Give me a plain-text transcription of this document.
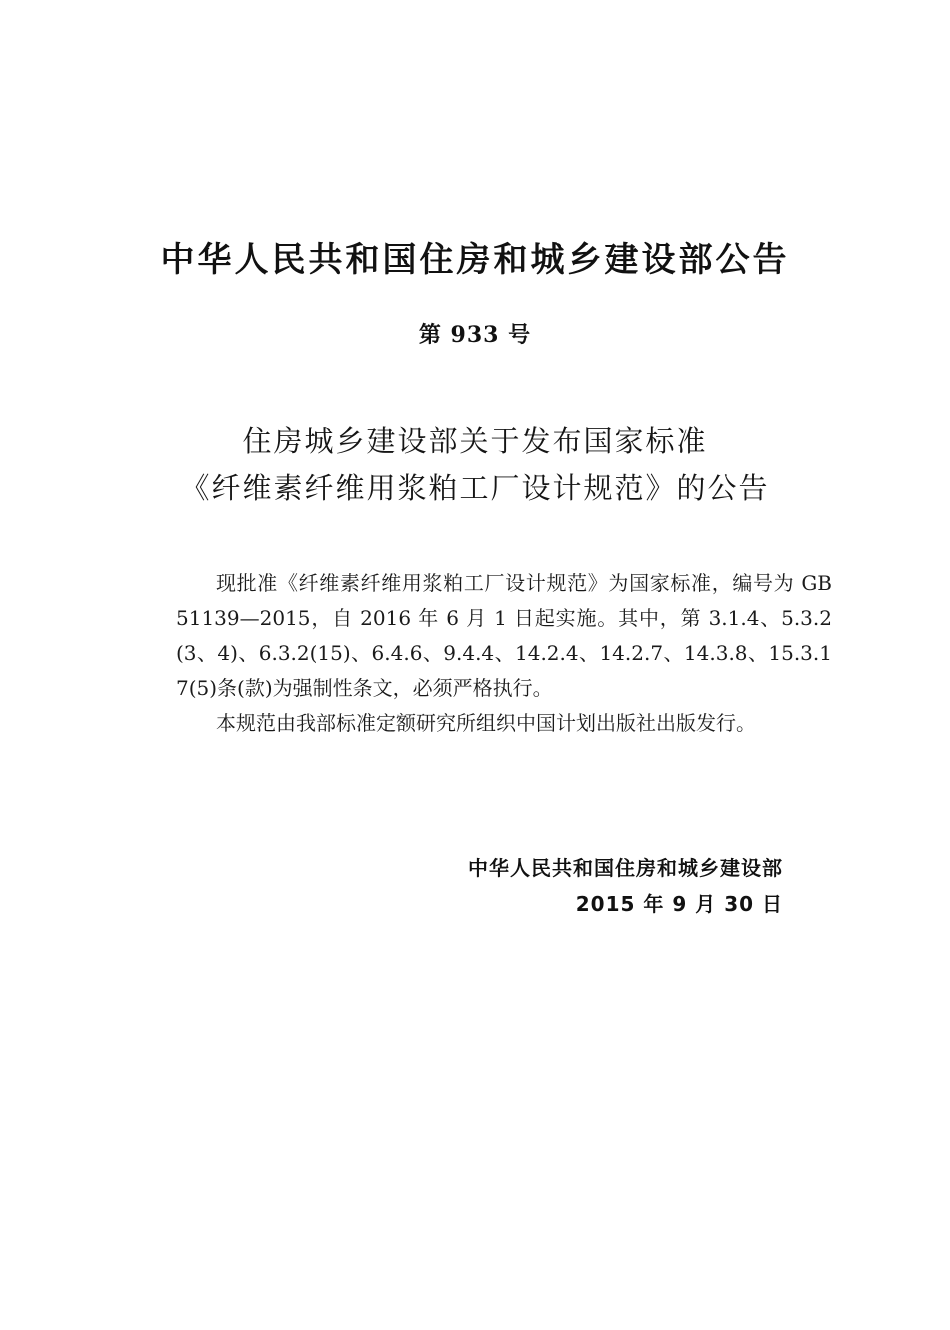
中华人民共和国住房和城乡建设部公告
第 933 号
住房城乡建设部关于发布国家标准
《纤维素纤维用浆粕工厂设计规范》的公告

现批准《纤维素纤维用浆粕工厂设计规范》为国家标准，编号为 GB 51139—2015，自 2016 年 6 月 1 日起实施。其中，第 3.1.4、5.3.2(3、4)、6.3.2(15)、6.4.6、9.4.4、14.2.4、14.2.7、14.3.8、15.3.17(5)条(款)为强制性条文，必须严格执行。

本规范由我部标准定额研究所组织中国计划出版社出版发行。

中华人民共和国住房和城乡建设部
2015 年 9 月 30 日
